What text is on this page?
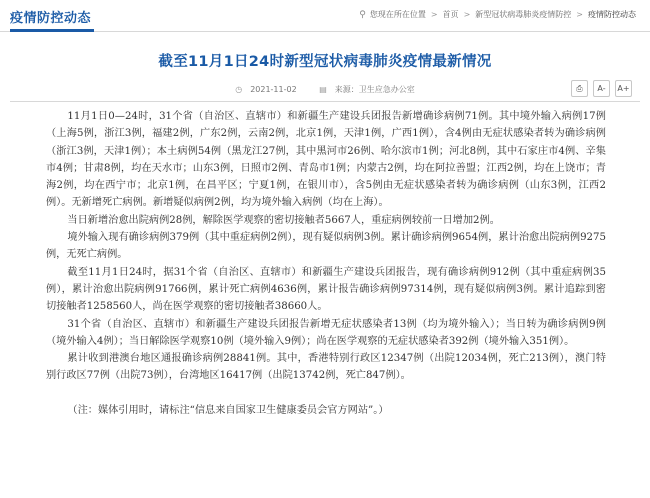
疫情防控动态	⚲ 您现在所在位置 > 首页 > 新型冠状病毒肺炎疫情防控 > 疫情防控动态
截至11月1日24时新型冠状病毒肺炎疫情最新情况
◷ 2021-11-02	▤ 来源：卫生应急办公室	⎙	A-	A+

11月1日0—24时，31个省（自治区、直辖市）和新疆生产建设兵团报告新增确诊病例71例。其中境外输入病例17例（上海5例，浙江3例，福建2例，广东2例，云南2例，北京1例，天津1例，广西1例），含4例由无症状感染者转为确诊病例（浙江3例，天津1例）；本土病例54例（黑龙江27例，其中黑河市26例、哈尔滨市1例；河北8例，其中石家庄市4例、辛集市4例；甘肃8例，均在天水市；山东3例，日照市2例、青岛市1例；内蒙古2例，均在阿拉善盟；江西2例，均在上饶市；青海2例，均在西宁市；北京1例，在昌平区；宁夏1例，在银川市），含5例由无症状感染者转为确诊病例（山东3例，江西2例）。无新增死亡病例。新增疑似病例2例，均为境外输入病例（均在上海）。

当日新增治愈出院病例28例，解除医学观察的密切接触者5667人，重症病例较前一日增加2例。

境外输入现有确诊病例379例（其中重症病例2例），现有疑似病例3例。累计确诊病例9654例，累计治愈出院病例9275例，无死亡病例。

截至11月1日24时，据31个省（自治区、直辖市）和新疆生产建设兵团报告，现有确诊病例912例（其中重症病例35例），累计治愈出院病例91766例，累计死亡病例4636例，累计报告确诊病例97314例，现有疑似病例3例。累计追踪到密切接触者1258560人，尚在医学观察的密切接触者38660人。

31个省（自治区、直辖市）和新疆生产建设兵团报告新增无症状感染者13例（均为境外输入）；当日转为确诊病例9例（境外输入4例）；当日解除医学观察10例（境外输入9例）；尚在医学观察的无症状感染者392例（境外输入351例）。

累计收到港澳台地区通报确诊病例28841例。其中，香港特别行政区12347例（出院12034例，死亡213例），澳门特别行政区77例（出院73例），台湾地区16417例（出院13742例，死亡847例）。

（注：媒体引用时，请标注“信息来自国家卫生健康委员会官方网站”。）
